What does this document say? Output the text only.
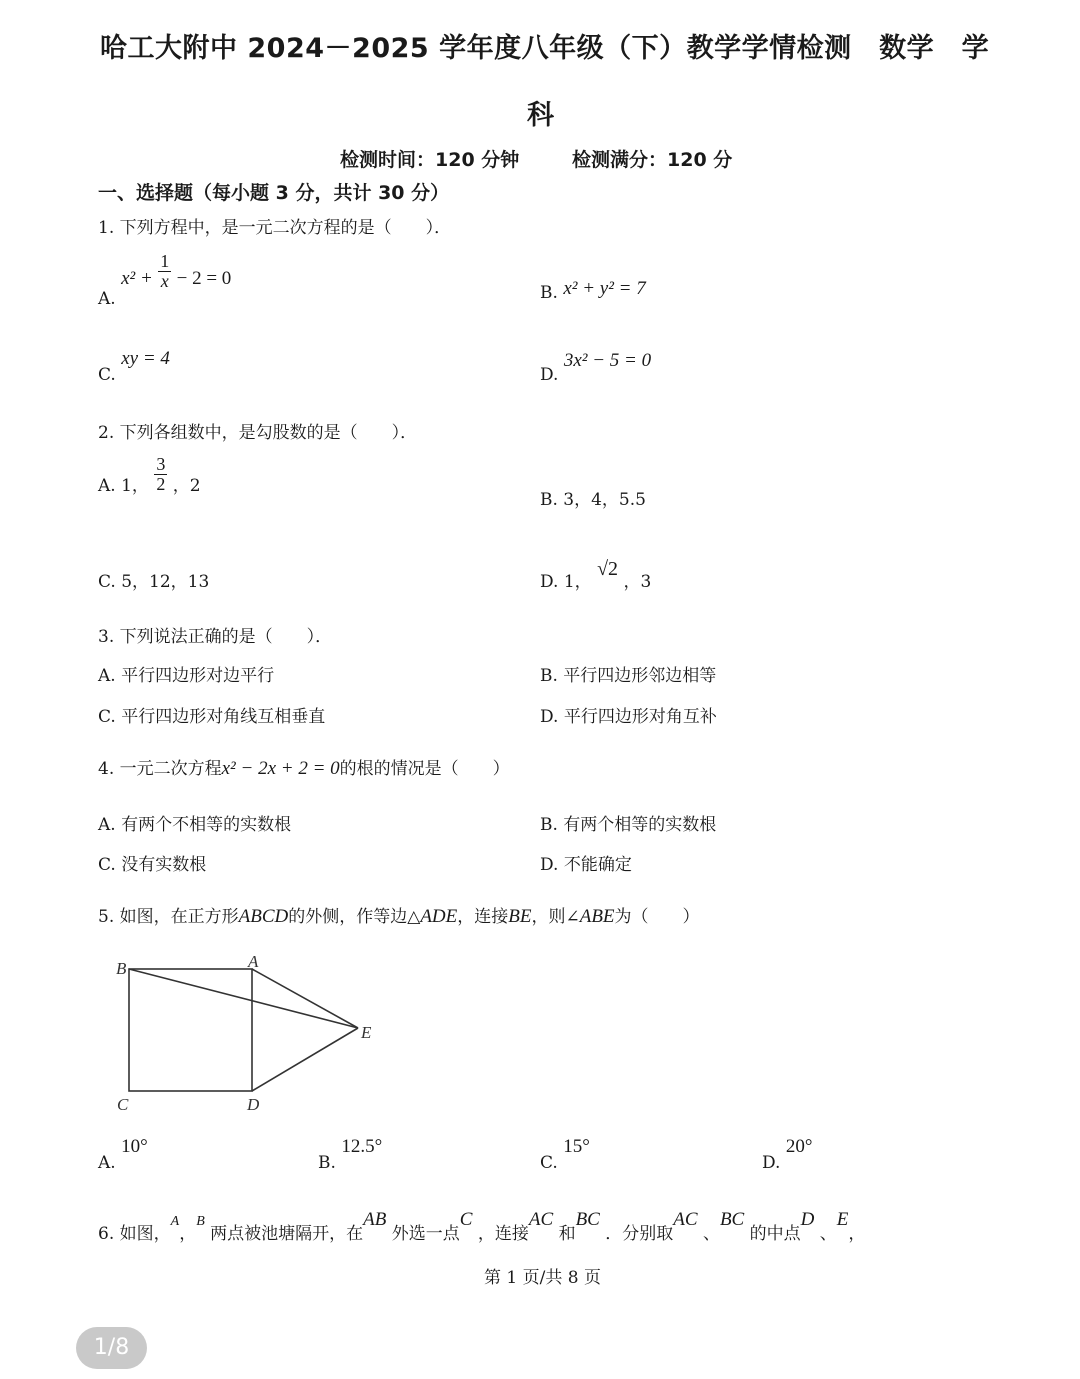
哈工大附中 2024－2025 学年度八年级（下）教学学情检测　数学　学
科
检测时间：120 分钟	检测满分：120 分
一、选择题（每小题 3 分，共计 30 分）
1. 下列方程中，是一元二次方程的是（　　）．
A. $x^2 + \frac{1}{x} - 2 = 0$
B. x² + y² = 7
C. xy = 4
D. 3x² − 5 = 0
2. 下列各组数中，是勾股数的是（　　）．
A. 1， $\frac{3}{2}$ ，2
B. 3，4，5.5
C. 5，12，13	D. 1， √2 ，3
3. 下列说法正确的是（　　）．
A. 平行四边形对边平行	B. 平行四边形邻边相等
C. 平行四边形对角线互相垂直	D. 平行四边形对角互补
4. 一元二次方程x² − 2x + 2 = 0的根的情况是（　　）
A. 有两个不相等的实数根	B. 有两个相等的实数根
C. 没有实数根	D. 不能确定
5. 如图，在正方形ABCD的外侧，作等边△ADE，连接BE，则∠ABE为（　　）
B	A
E
C	D
A. 10°
B. 12.5°
C. 15°
D. 20°
6. 如图，A，B 两点被池塘隔开，在AB 外选一点C ，连接AC 和BC ．分别取AC 、BC 的中点D 、E，
第 1 页/共 8 页
1/8
